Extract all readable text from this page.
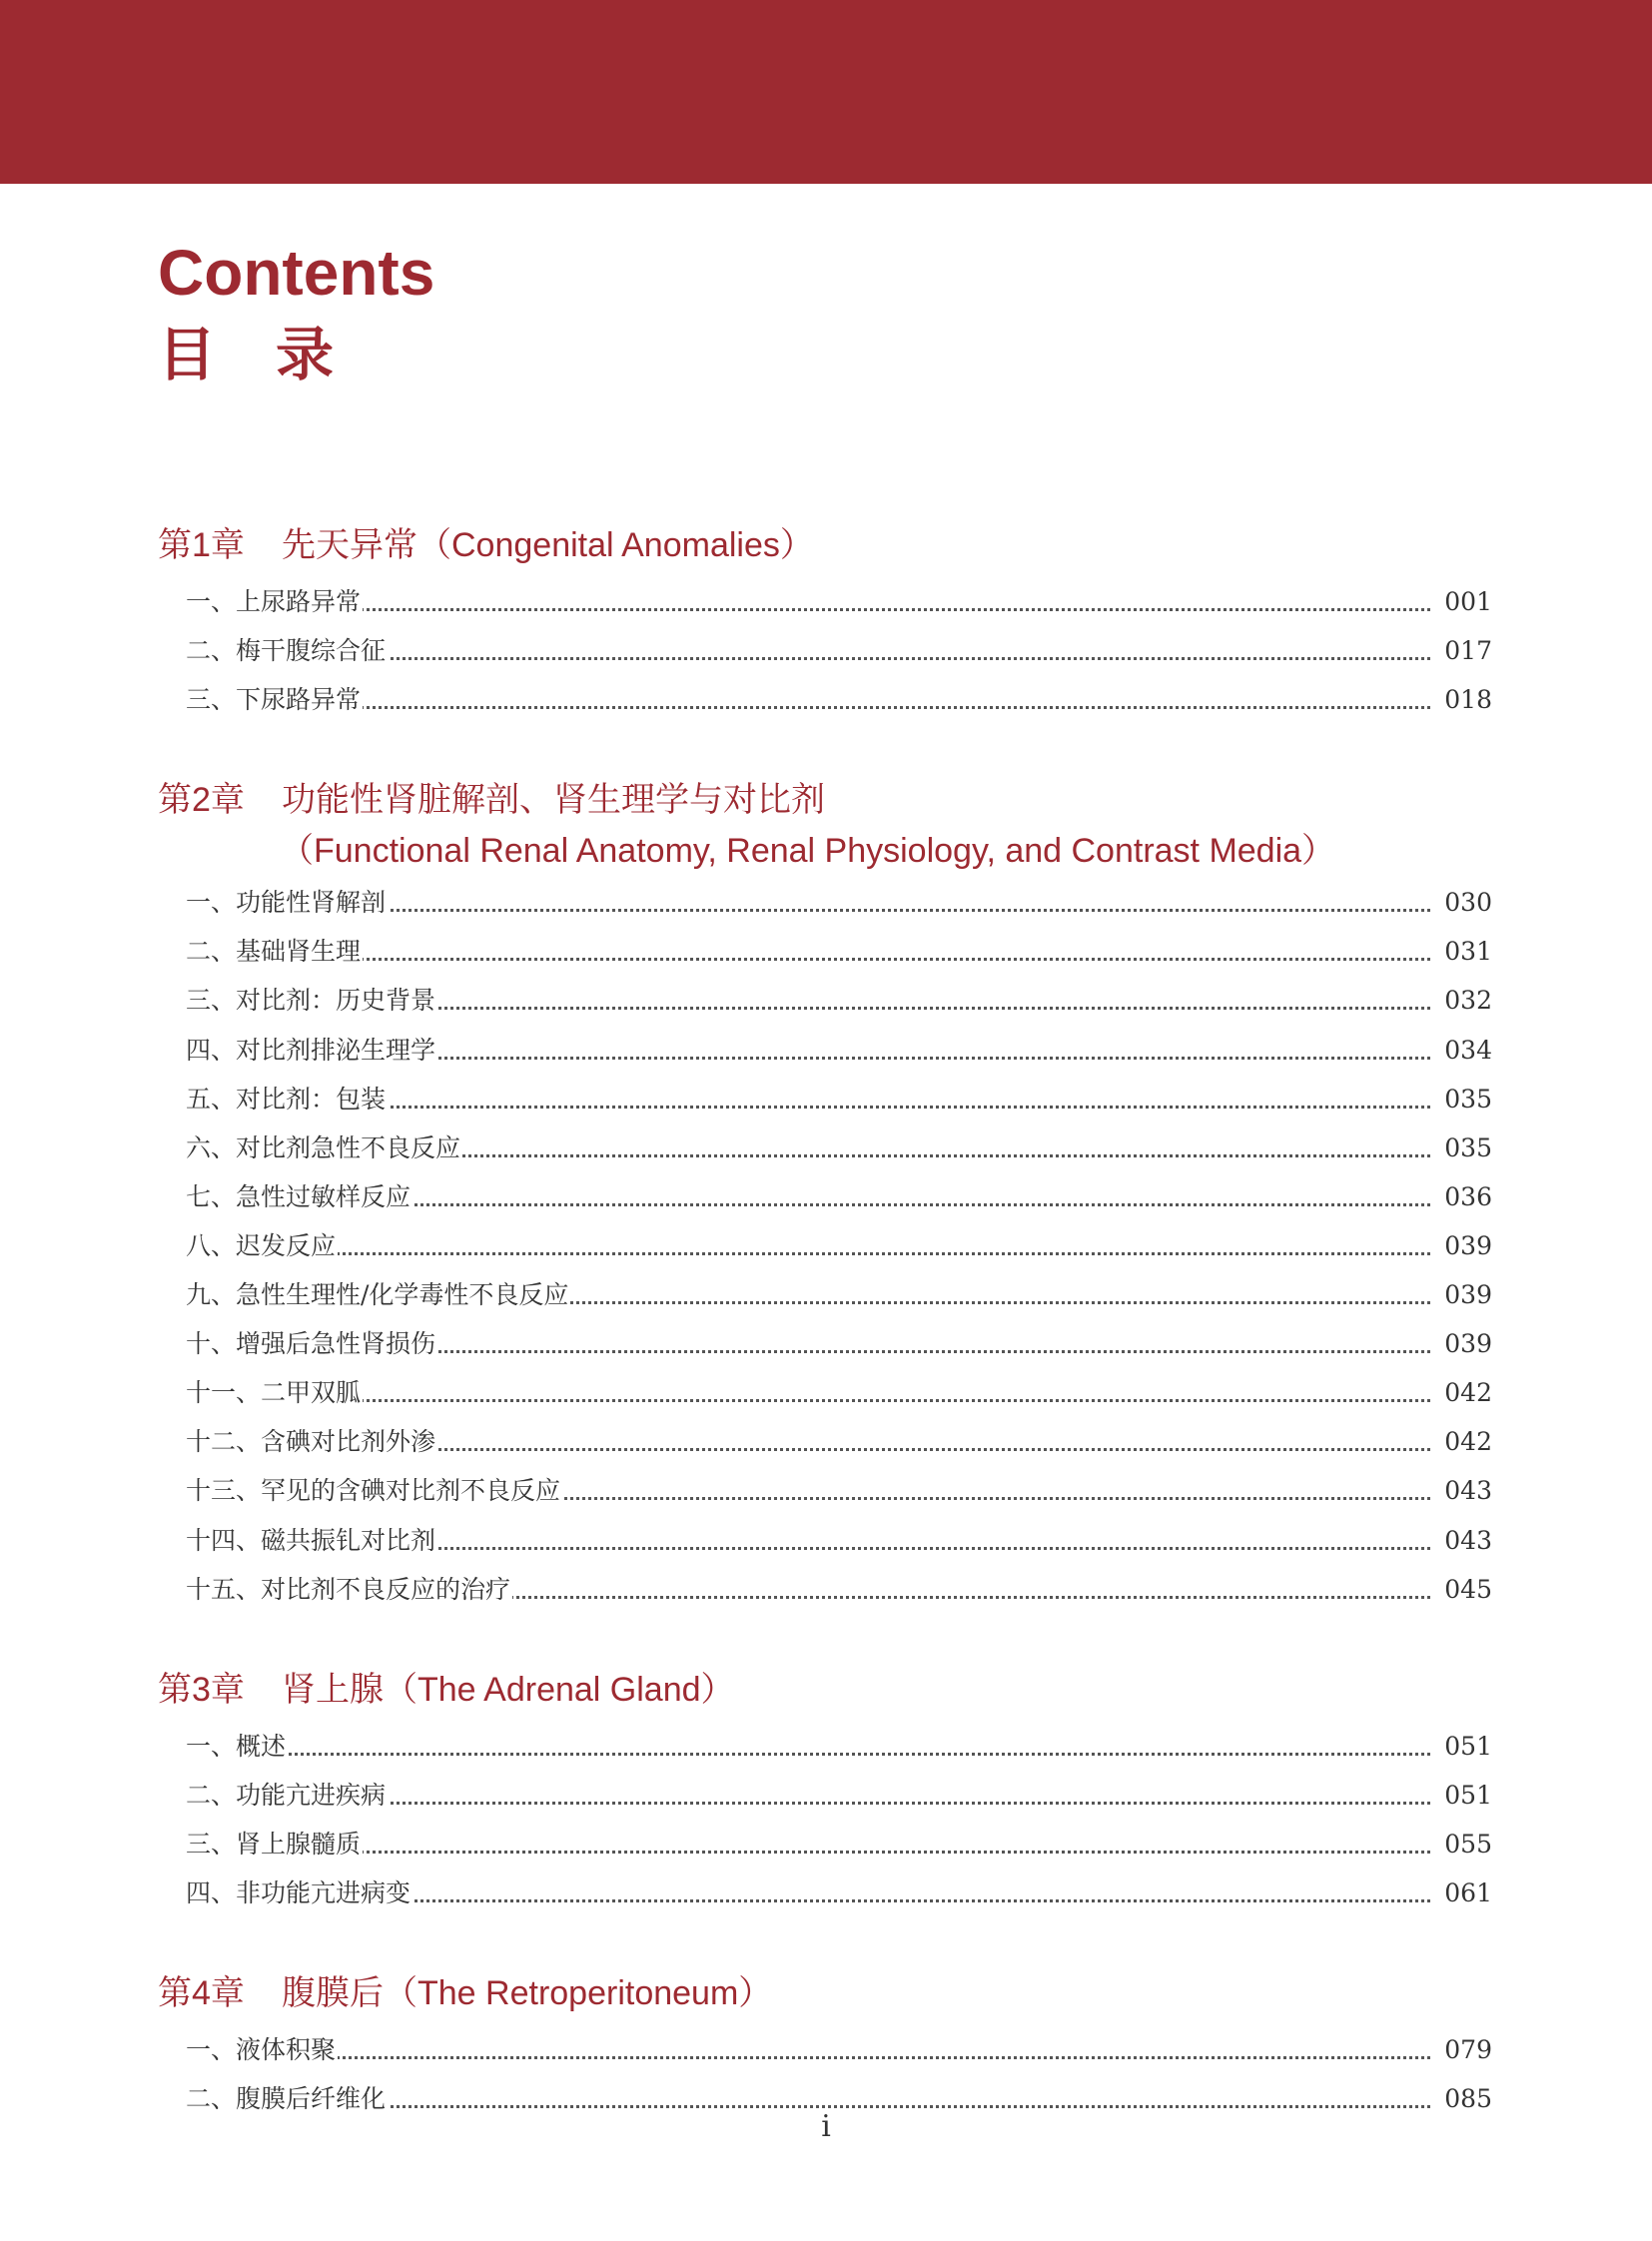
Contents
目录
第1章 先天异常（Congenital Anomalies）
一、上尿路异常	001
二、梅干腹综合征	017
三、下尿路异常	018
第2章 功能性肾脏解剖、肾生理学与对比剂
（Functional Renal Anatomy, Renal Physiology, and Contrast Media）
一、功能性肾解剖	030
二、基础肾生理	031
三、对比剂：历史背景	032
四、对比剂排泌生理学	034
五、对比剂：包装	035
六、对比剂急性不良反应	035
七、急性过敏样反应	036
八、迟发反应	039
九、急性生理性/化学毒性不良反应	039
十、增强后急性肾损伤	039
十一、二甲双胍	042
十二、含碘对比剂外渗	042
十三、罕见的含碘对比剂不良反应	043
十四、磁共振钆对比剂	043
十五、对比剂不良反应的治疗	045
第3章 肾上腺（The Adrenal Gland）
一、概述	051
二、功能亢进疾病	051
三、肾上腺髓质	055
四、非功能亢进病变	061
第4章 腹膜后（The Retroperitoneum）
一、液体积聚	079
二、腹膜后纤维化	085
i
